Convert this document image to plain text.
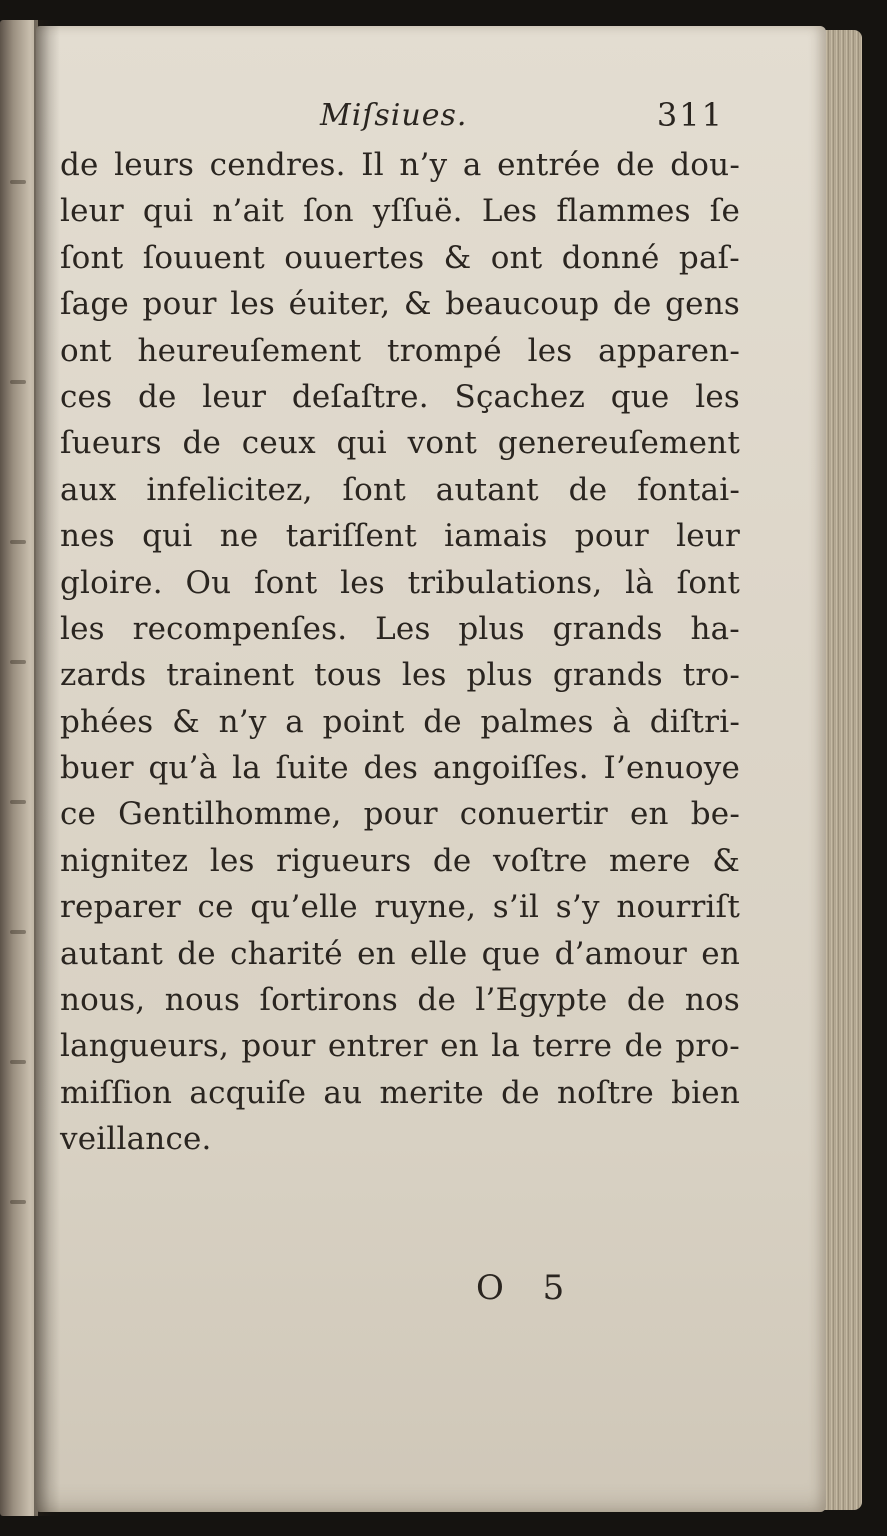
Miſsiues.	311
de leurs cendres. Il n’y a entrée de dou-
leur qui n’ait ſon yſſuë. Les flammes ſe
ſont ſouuent ouuertes & ont donné paſ-
ſage pour les éuiter, & beaucoup de gens
ont heureuſement trompé les apparen-
ces de leur deſaſtre. Sçachez que les
ſueurs de ceux qui vont genereuſement
aux infelicitez, ſont autant de fontai-
nes qui ne tariſſent iamais pour leur
gloire. Ou ſont les tribulations, là ſont
les recompenſes. Les plus grands ha-
zards trainent tous les plus grands tro-
phées & n’y a point de palmes à diſtri-
buer qu’à la ſuite des angoiſſes. I’enuoye
ce Gentilhomme, pour conuertir en be-
nignitez les rigueurs de voſtre mere &
reparer ce qu’elle ruyne, s’il s’y nourriſt
autant de charité en elle que d’amour en
nous, nous ſortirons de l’Egypte de nos
langueurs, pour entrer en la terre de pro-
miſſion acquiſe au merite de noſtre bien
veillance.
O 5
